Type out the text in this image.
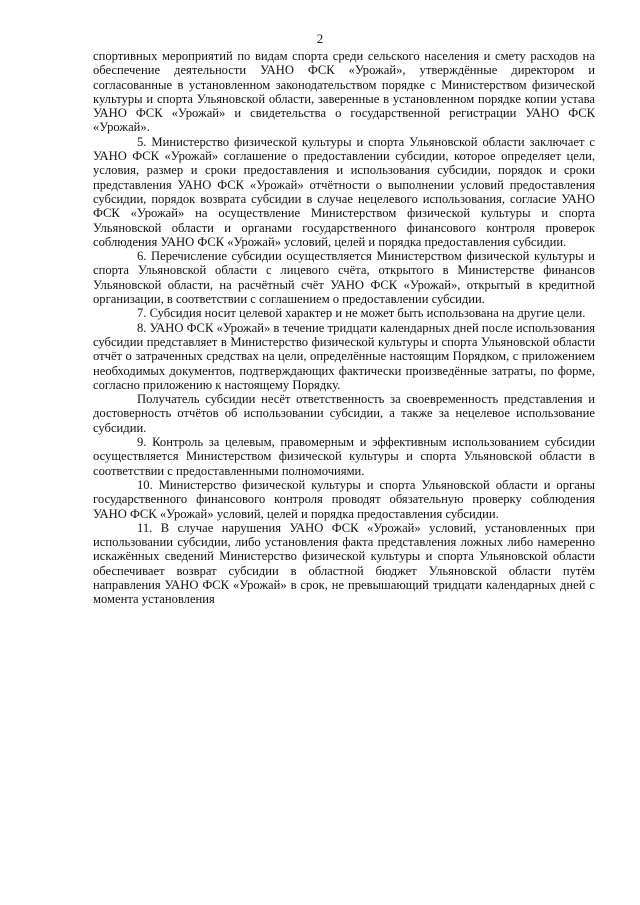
2

спортивных мероприятий по видам спорта среди сельского населения и смету расходов на обеспечение деятельности УАНО ФСК «Урожай», утверждённые директором и согласованные в установленном законодательством порядке с Министерством физической культуры и спорта Ульяновской области, заверенные в установленном порядке копии устава УАНО ФСК «Урожай» и свидетельства о государственной регистрации УАНО ФСК «Урожай».

5. Министерство физической культуры и спорта Ульяновской области заключает с УАНО ФСК «Урожай» соглашение о предоставлении субсидии, которое определяет цели, условия, размер и сроки предоставления и использования субсидии, порядок и сроки представления УАНО ФСК «Урожай» отчётности о выполнении условий предоставления субсидии, порядок возврата субсидии в случае нецелевого использования, согласие УАНО ФСК «Урожай» на осуществление Министерством физической культуры и спорта Ульяновской области и органами государственного финансового контроля проверок соблюдения УАНО ФСК «Урожай» условий, целей и порядка предоставления субсидии.

6. Перечисление субсидии осуществляется Министерством физической культуры и спорта Ульяновской области с лицевого счёта, открытого в Министерстве финансов Ульяновской области, на расчётный счёт УАНО ФСК «Урожай», открытый в кредитной организации, в соответствии с соглашением о предоставлении субсидии.

7. Субсидия носит целевой характер и не может быть использована на другие цели.

8. УАНО ФСК «Урожай» в течение тридцати календарных дней после использования субсидии представляет в Министерство физической культуры и спорта Ульяновской области отчёт о затраченных средствах на цели, определённые настоящим Порядком, с приложением необходимых документов, подтверждающих фактически произведённые затраты, по форме, согласно приложению к настоящему Порядку.

Получатель субсидии несёт ответственность за своевременность представления и достоверность отчётов об использовании субсидии, а также за нецелевое использование субсидии.

9. Контроль за целевым, правомерным и эффективным использованием субсидии осуществляется Министерством физической культуры и спорта Ульяновской области в соответствии с предоставленными полномочиями.

10. Министерство физической культуры и спорта Ульяновской области и органы государственного финансового контроля проводят обязательную проверку соблюдения УАНО ФСК «Урожай» условий, целей и порядка предоставления субсидии.

11. В случае нарушения УАНО ФСК «Урожай» условий, установленных при использовании субсидии, либо установления факта представления ложных либо намеренно искажённых сведений Министерство физической культуры и спорта Ульяновской области обеспечивает возврат субсидии в областной бюджет Ульяновской области путём направления УАНО ФСК «Урожай» в срок, не превышающий тридцати календарных дней с момента установления
